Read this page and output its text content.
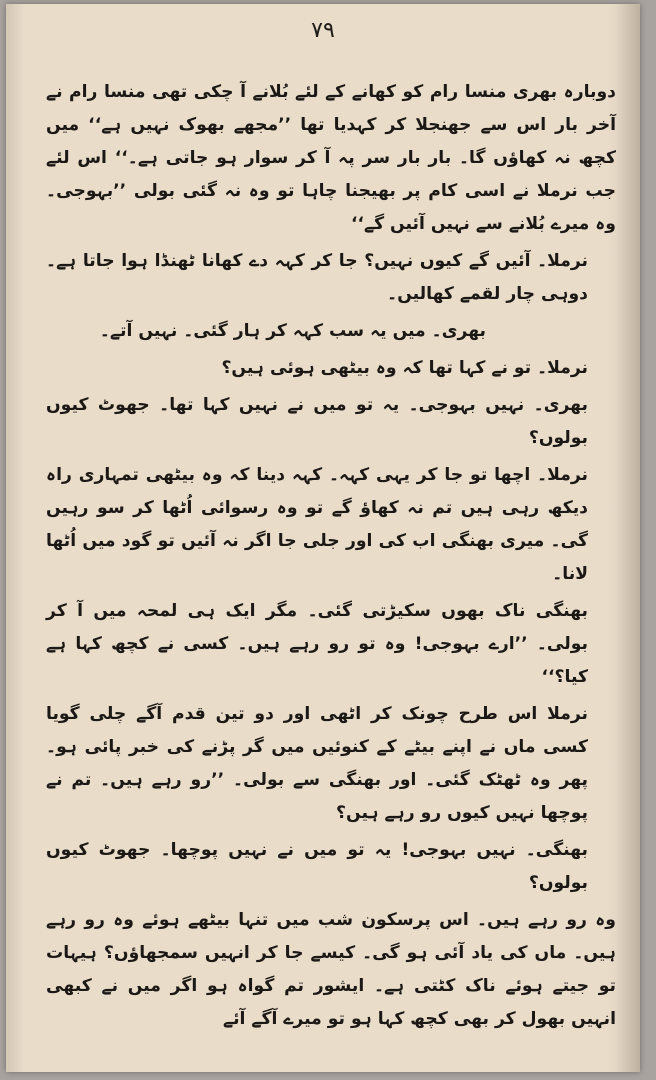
۷۹

دوبارہ بھری منسا رام کو کھانے کے لئے بُلانے آ چکی تھی منسا رام نے آخر بار اس سے جھنجلا کر کہدیا تھا ’’مجھے بھوک نہیں ہے‘‘ میں کچھ نہ کھاؤں گا۔ بار بار سر پہ آ کر سوار ہو جاتی ہے۔‘‘ اس لئے جب نرملا نے اسی کام پر بھیجنا چاہا تو وہ نہ گئی بولی ’’بہوجی۔ وہ میرے بُلانے سے نہیں آئیں گے‘‘

نرملا۔ آئیں گے کیوں نہیں؟ جا کر کہہ دے کھانا ٹھنڈا ہوا جاتا ہے۔ دوہی چار لقمے کھالیں۔

بھری۔ میں یہ سب کہہ کر ہار گئی۔ نہیں آتے۔

نرملا۔ تو نے کہا تھا کہ وہ بیٹھی ہوئی ہیں؟

بھری۔ نہیں بہوجی۔ یہ تو میں نے نہیں کہا تھا۔ جھوٹ کیوں بولوں؟

نرملا۔ اچھا تو جا کر یہی کہہ۔ کہہ دینا کہ وہ بیٹھی تمہاری راہ دیکھ رہی ہیں تم نہ کھاؤ گے تو وہ رسوائی اُٹھا کر سو رہیں گی۔ میری بھنگی اب کی اور جلی جا اگر نہ آئیں تو گود میں اُٹھا لانا۔

بھنگی ناک بھوں سکیڑتی گئی۔ مگر ایک ہی لمحہ میں آ کر بولی۔ ’’ارے بہوجی! وہ تو رو رہے ہیں۔ کسی نے کچھ کہا ہے کیا؟‘‘

نرملا اس طرح چونک کر اٹھی اور دو تین قدم آگے چلی گویا کسی ماں نے اپنے بیٹے کے کنوئیں میں گر پڑنے کی خبر پائی ہو۔ پھر وہ ٹھٹک گئی۔ اور بھنگی سے بولی۔ ’’رو رہے ہیں۔ تم نے پوچھا نہیں کیوں رو رہے ہیں؟

بھنگی۔ نہیں بہوجی! یہ تو میں نے نہیں پوچھا۔ جھوٹ کیوں بولوں؟

وہ رو رہے ہیں۔ اس پرسکون شب میں تنہا بیٹھے ہوئے وہ رو رہے ہیں۔ ماں کی یاد آئی ہو گی۔ کیسے جا کر انہیں سمجھاؤں؟ ہیہات تو جیتے ہوئے ناک کٹتی ہے۔ ایشور تم گواہ ہو اگر میں نے کبھی انہیں بھول کر بھی کچھ کہا ہو تو میرے آگے آئے
